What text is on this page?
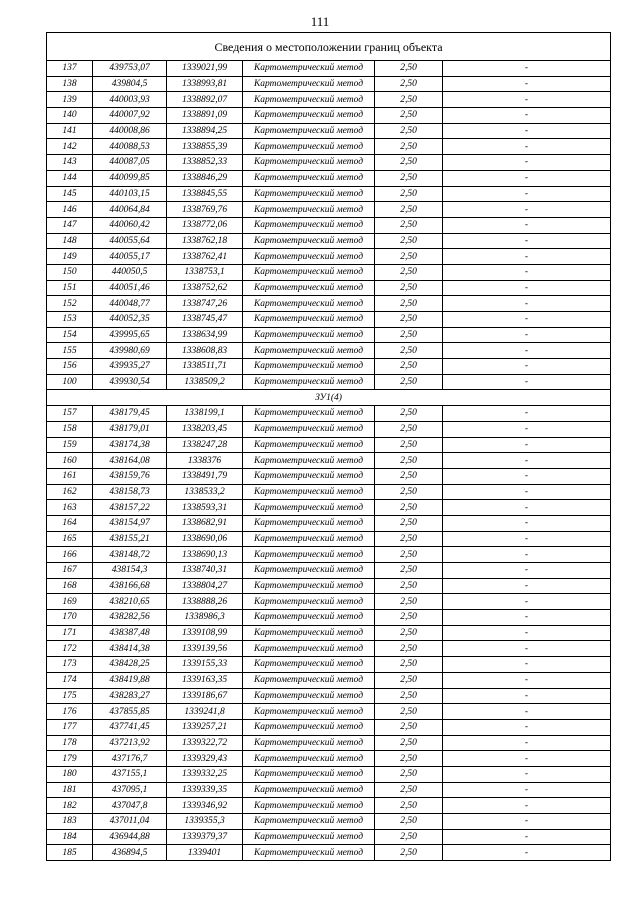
111
Сведения о местоположении границ объекта					
137	439753,07	1339021,99	Картометрический метод	2,50	-
138	439804,5	1338993,81	Картометрический метод	2,50	-
139	440003,93	1338892,07	Картометрический метод	2,50	-
140	440007,92	1338891,09	Картометрический метод	2,50	-
141	440008,86	1338894,25	Картометрический метод	2,50	-
142	440088,53	1338855,39	Картометрический метод	2,50	-
143	440087,05	1338852,33	Картометрический метод	2,50	-
144	440099,85	1338846,29	Картометрический метод	2,50	-
145	440103,15	1338845,55	Картометрический метод	2,50	-
146	440064,84	1338769,76	Картометрический метод	2,50	-
147	440060,42	1338772,06	Картометрический метод	2,50	-
148	440055,64	1338762,18	Картометрический метод	2,50	-
149	440055,17	1338762,41	Картометрический метод	2,50	-
150	440050,5	1338753,1	Картометрический метод	2,50	-
151	440051,46	1338752,62	Картометрический метод	2,50	-
152	440048,77	1338747,26	Картометрический метод	2,50	-
153	440052,35	1338745,47	Картометрический метод	2,50	-
154	439995,65	1338634,99	Картометрический метод	2,50	-
155	439980,69	1338608,83	Картометрический метод	2,50	-
156	439935,27	1338511,71	Картометрический метод	2,50	-
100	439930,54	1338509,2	Картометрический метод	2,50	-
ЗУ1(4)					
157	438179,45	1338199,1	Картометрический метод	2,50	-
158	438179,01	1338203,45	Картометрический метод	2,50	-
159	438174,38	1338247,28	Картометрический метод	2,50	-
160	438164,08	1338376	Картометрический метод	2,50	-
161	438159,76	1338491,79	Картометрический метод	2,50	-
162	438158,73	1338533,2	Картометрический метод	2,50	-
163	438157,22	1338593,31	Картометрический метод	2,50	-
164	438154,97	1338682,91	Картометрический метод	2,50	-
165	438155,21	1338690,06	Картометрический метод	2,50	-
166	438148,72	1338690,13	Картометрический метод	2,50	-
167	438154,3	1338740,31	Картометрический метод	2,50	-
168	438166,68	1338804,27	Картометрический метод	2,50	-
169	438210,65	1338888,26	Картометрический метод	2,50	-
170	438282,56	1338986,3	Картометрический метод	2,50	-
171	438387,48	1339108,99	Картометрический метод	2,50	-
172	438414,38	1339139,56	Картометрический метод	2,50	-
173	438428,25	1339155,33	Картометрический метод	2,50	-
174	438419,88	1339163,35	Картометрический метод	2,50	-
175	438283,27	1339186,67	Картометрический метод	2,50	-
176	437855,85	1339241,8	Картометрический метод	2,50	-
177	437741,45	1339257,21	Картометрический метод	2,50	-
178	437213,92	1339322,72	Картометрический метод	2,50	-
179	437176,7	1339329,43	Картометрический метод	2,50	-
180	437155,1	1339332,25	Картометрический метод	2,50	-
181	437095,1	1339339,35	Картометрический метод	2,50	-
182	437047,8	1339346,92	Картометрический метод	2,50	-
183	437011,04	1339355,3	Картометрический метод	2,50	-
184	436944,88	1339379,37	Картометрический метод	2,50	-
185	436894,5	1339401	Картометрический метод	2,50	-
